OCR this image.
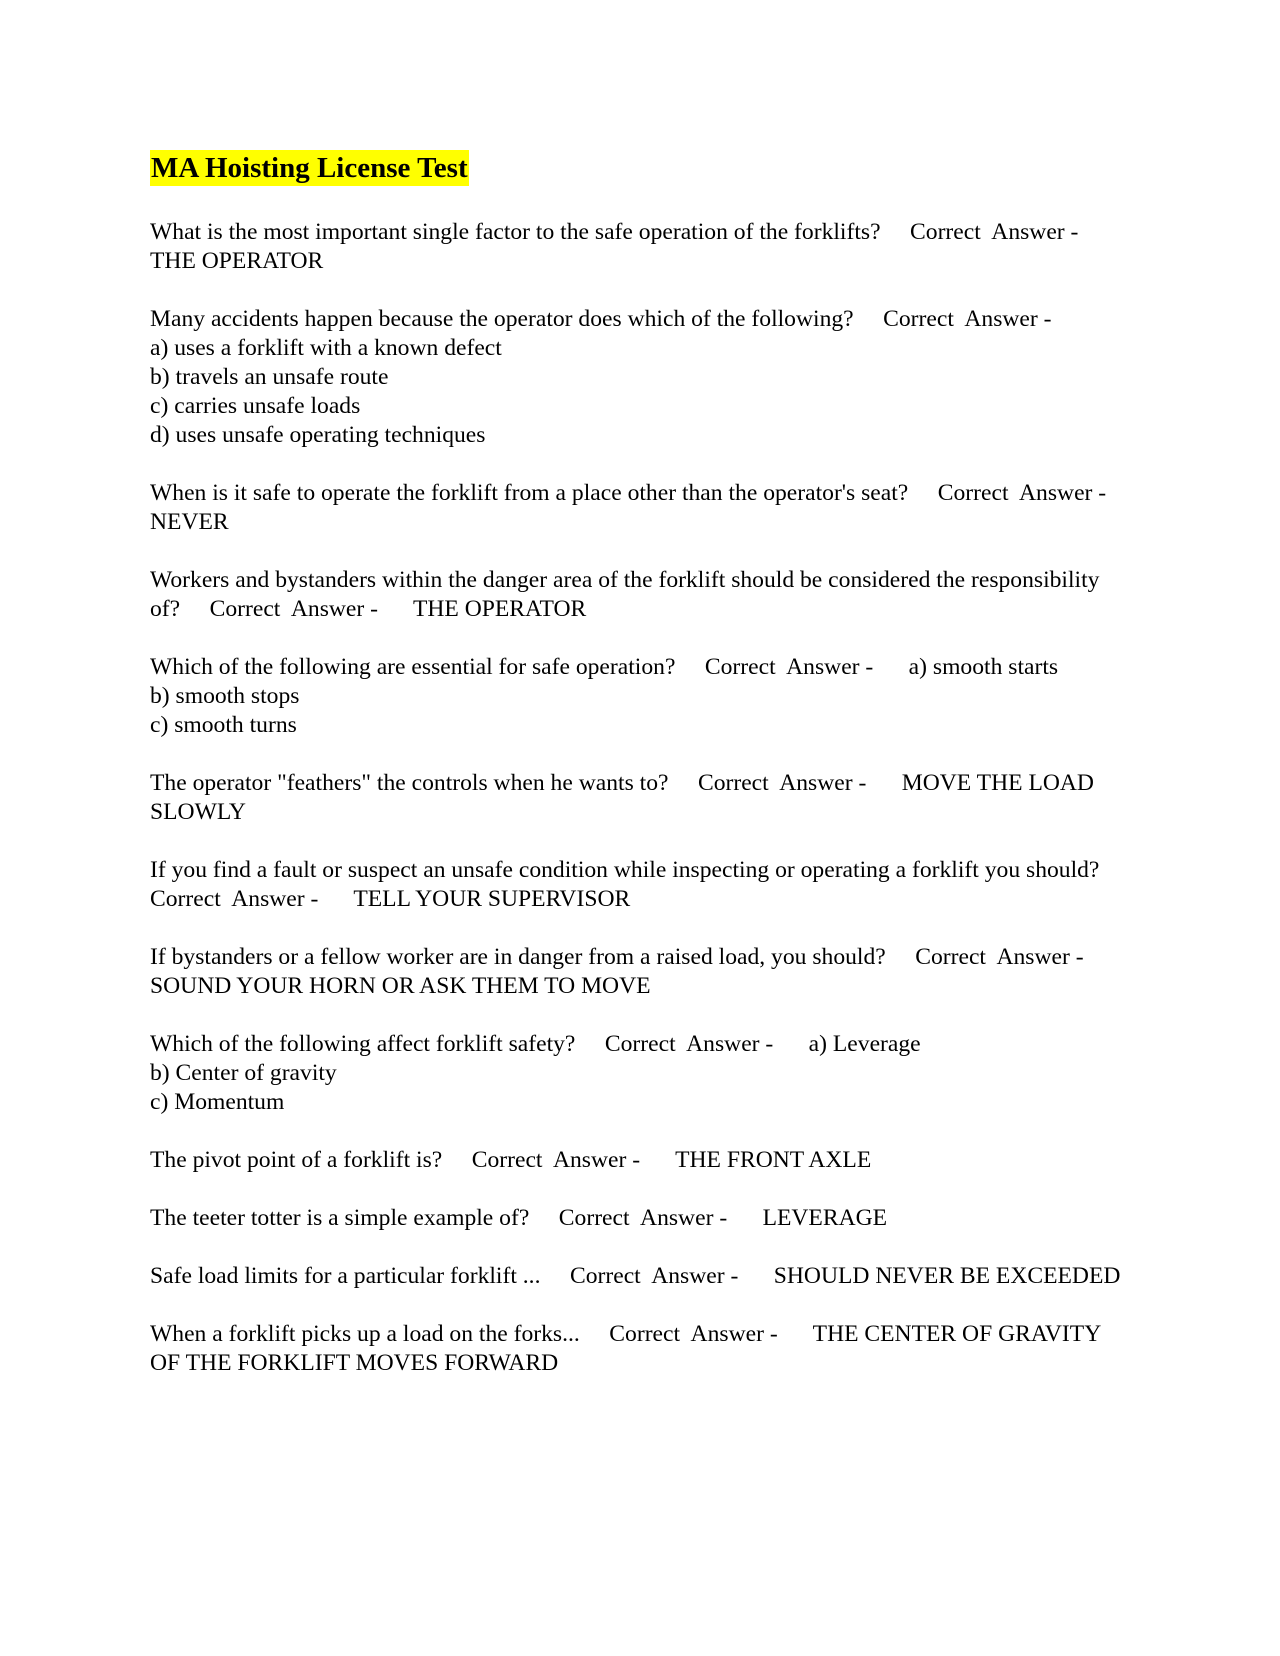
MA Hoisting License Test

What is the most important single factor to the safe operation of the forklifts?     Correct  Answer -      THE OPERATOR

Many accidents happen because the operator does which of the following?     Correct  Answer -
a) uses a forklift with a known defect
b) travels an unsafe route
c) carries unsafe loads
d) uses unsafe operating techniques

When is it safe to operate the forklift from a place other than the operator's seat?     Correct  Answer -      NEVER

Workers and bystanders within the danger area of the forklift should be considered the responsibility of?     Correct  Answer -      THE OPERATOR

Which of the following are essential for safe operation?     Correct  Answer -      a) smooth starts
b) smooth stops
c) smooth turns

The operator "feathers" the controls when he wants to?     Correct  Answer -      MOVE THE LOAD SLOWLY

If you find a fault or suspect an unsafe condition while inspecting or operating a forklift you should?     Correct  Answer -      TELL YOUR SUPERVISOR

If bystanders or a fellow worker are in danger from a raised load, you should?     Correct  Answer -      SOUND YOUR HORN OR ASK THEM TO MOVE

Which of the following affect forklift safety?     Correct  Answer -      a) Leverage
b) Center of gravity
c) Momentum

The pivot point of a forklift is?     Correct  Answer -      THE FRONT AXLE

The teeter totter is a simple example of?     Correct  Answer -      LEVERAGE

Safe load limits for a particular forklift ...     Correct  Answer -      SHOULD NEVER BE EXCEEDED

When a forklift picks up a load on the forks...     Correct  Answer -      THE CENTER OF GRAVITY OF THE FORKLIFT MOVES FORWARD
